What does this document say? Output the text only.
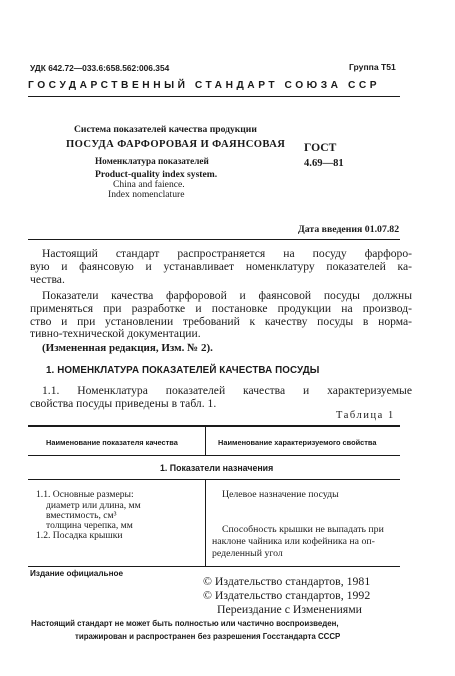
УДК 642.72—033.6:658.562:006.354	Группа Т51
ГОСУДАРСТВЕННЫЙ СТАНДАРТ СОЮЗА ССР
Система показателей качества продукции
ПОСУДА ФАРФОРОВАЯ И ФАЯНСОВАЯ
Номенклатура показателей
Product-quality index system.
China and faience.
Index nomenclature
ГОСТ
4.69—81
Дата введения 01.07.82
Настоящий стандарт распространяется на посуду фарфоро-
вую и фаянсовую и устанавливает номенклатуру показателей ка-
чества.
Показатели качества фарфоровой и фаянсовой посуды должны
применяться при разработке и постановке продукции на производ-
ство и при установлении требований к качеству посуды в норма-
тивно-технической документации.
(Измененная редакция, Изм. № 2).
1. НОМЕНКЛАТУРА ПОКАЗАТЕЛЕЙ КАЧЕСТВА ПОСУДЫ
1.1. Номенклатура показателей качества и характеризуемые
свойства посуды приведены в табл. 1.
Таблица 1
Наименование показателя качества	Наименование характеризуемого свойства
1. Показатели назначения
1.1. Основные размеры:
диаметр или длина, мм
вместимость, см³
толщина черепка, мм
1.2. Посадка крышки
Целевое назначение посуды
Способность крышки не выпадать при
наклоне чайника или кофейника на оп-
ределенный угол
Издание официальное
© Издательство стандартов, 1981
© Издательство стандартов, 1992
Переиздание с Изменениями
Настоящий стандарт не может быть полностью или частично воспроизведен,
тиражирован и распространен без разрешения Госстандарта СССР
